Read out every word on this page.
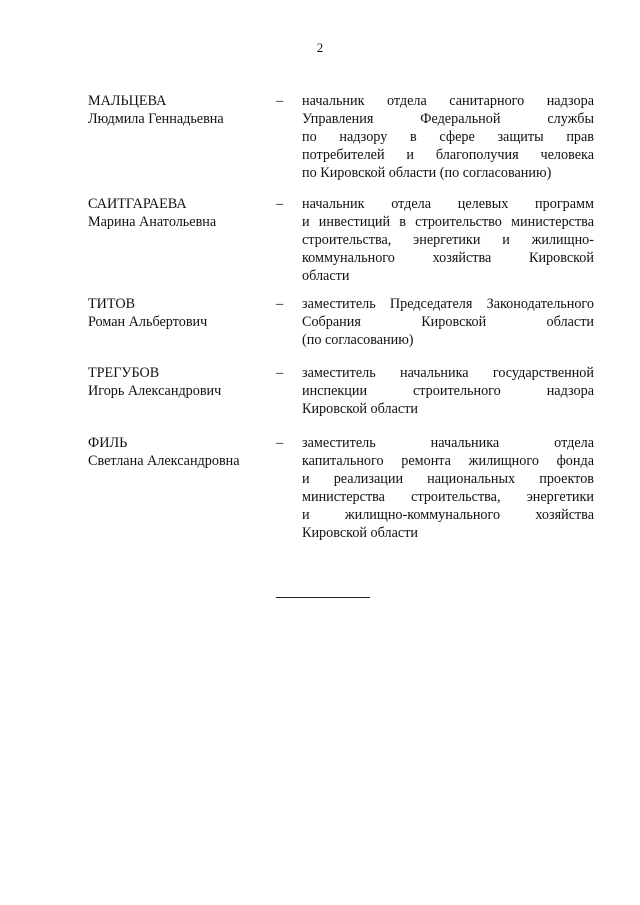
2
МАЛЬЦЕВА
Людмила Геннадьевна
– начальник отдела санитарного надзора
Управления Федеральной службы
по надзору в сфере защиты прав
потребителей и благополучия человека
по Кировской области (по согласованию)
САИТГАРАЕВА
Марина Анатольевна
– начальник отдела целевых программ
и инвестиций в строительство министерства
строительства, энергетики и жилищно-
коммунального хозяйства Кировской
области
ТИТОВ
Роман Альбертович
– заместитель Председателя Законодательного
Собрания Кировской области
(по согласованию)
ТРЕГУБОВ
Игорь Александрович
– заместитель начальника государственной
инспекции строительного надзора
Кировской области
ФИЛЬ
Светлана Александровна
– заместитель начальника отдела
капитального ремонта жилищного фонда
и реализации национальных проектов
министерства строительства, энергетики
и жилищно-коммунального хозяйства
Кировской области
